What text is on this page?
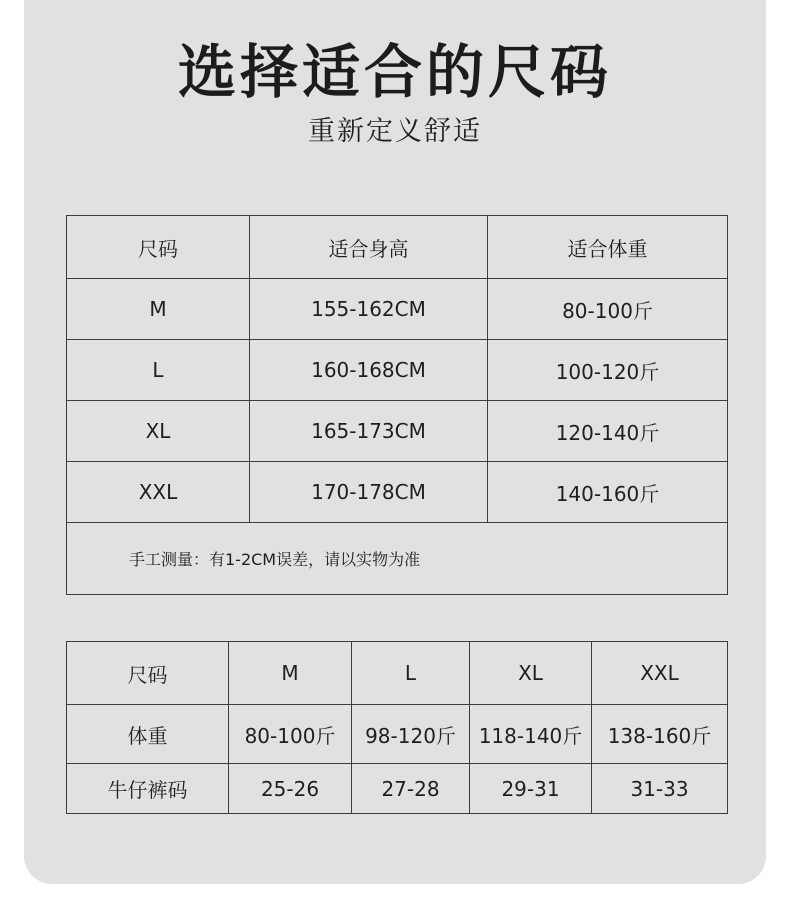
选择适合的尺码
重新定义舒适
尺码	适合身高	适合体重
M	155-162CM	80-100斤
L	160-168CM	100-120斤
XL	165-173CM	120-140斤
XXL	170-178CM	140-160斤
手工测量：有1-2CM误差，请以实物为准		
尺码	M	L	XL	XXL
体重	80-100斤	98-120斤	118-140斤	138-160斤
牛仔裤码	25-26	27-28	29-31	31-33
